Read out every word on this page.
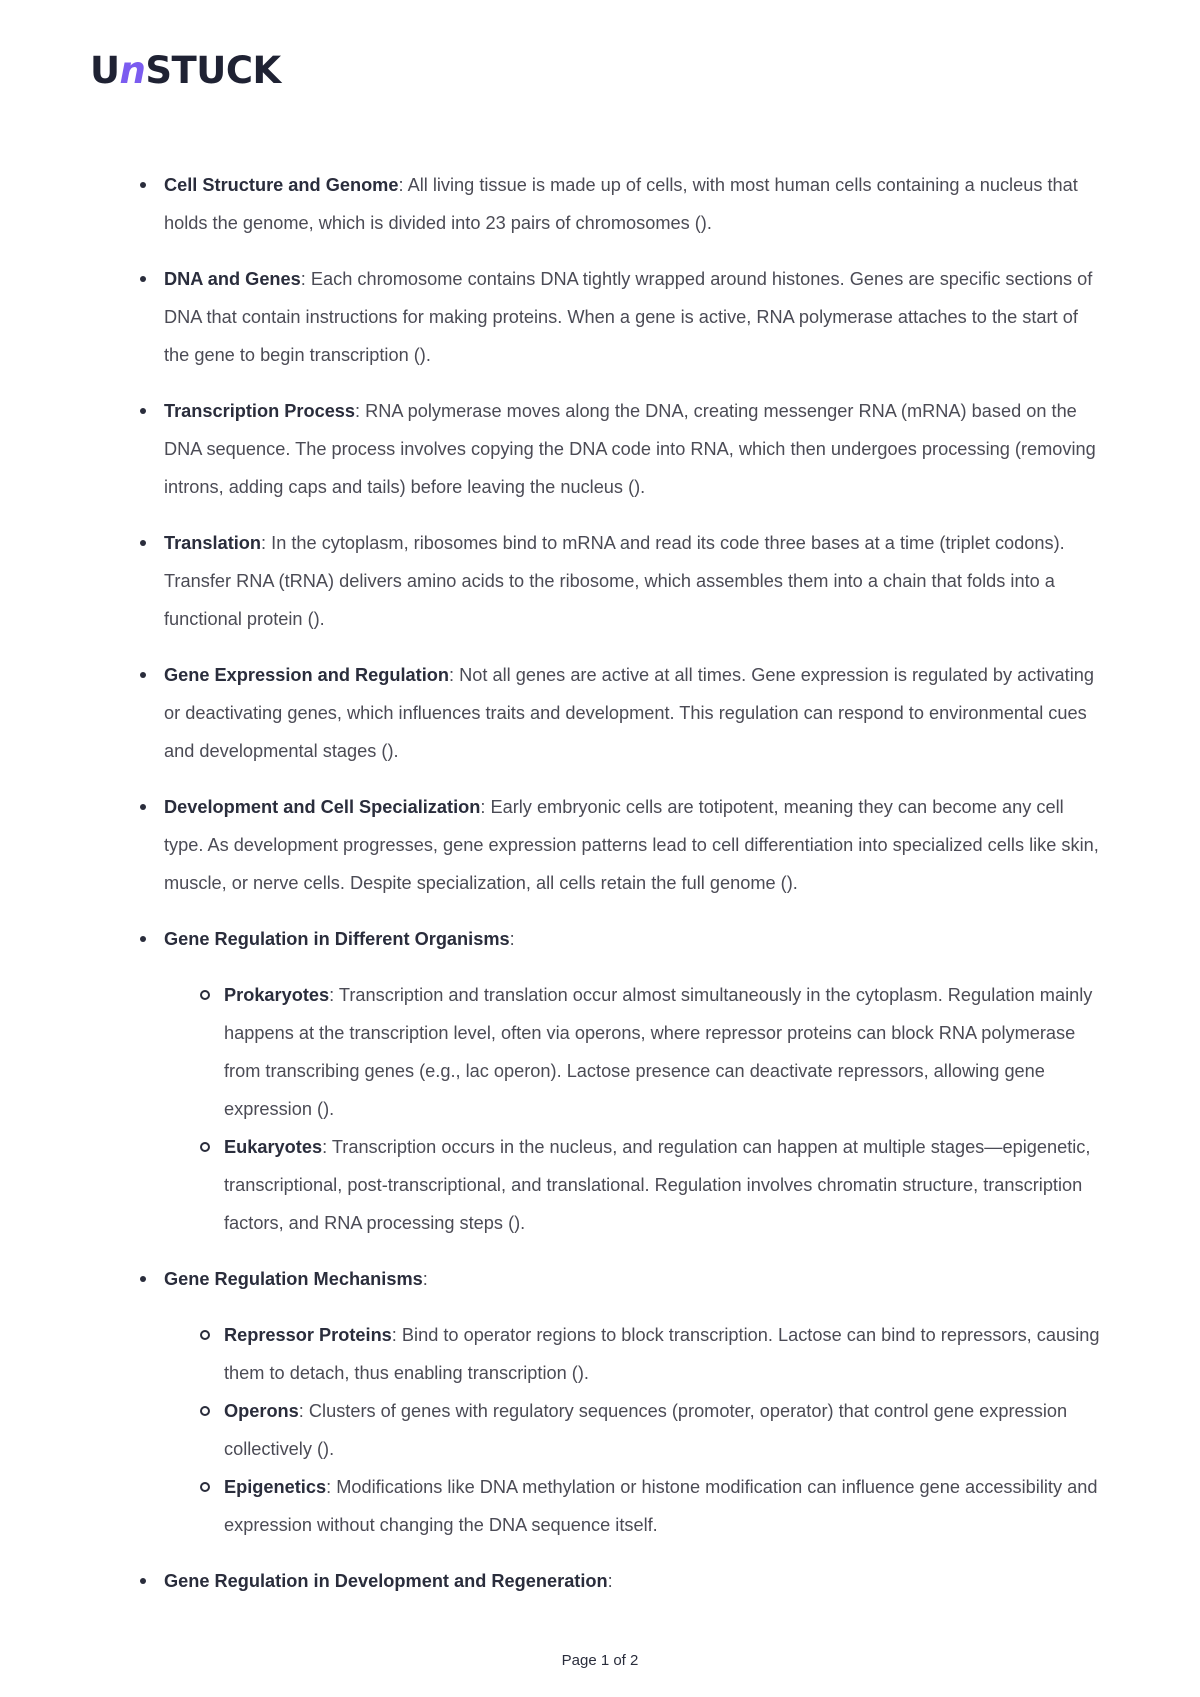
UnSTUCK
Cell Structure and Genome: All living tissue is made up of cells, with most human cells containing a nucleus that holds the genome, which is divided into 23 pairs of chromosomes ().
DNA and Genes: Each chromosome contains DNA tightly wrapped around histones. Genes are specific sections of DNA that contain instructions for making proteins. When a gene is active, RNA polymerase attaches to the start of the gene to begin transcription ().
Transcription Process: RNA polymerase moves along the DNA, creating messenger RNA (mRNA) based on the DNA sequence. The process involves copying the DNA code into RNA, which then undergoes processing (removing introns, adding caps and tails) before leaving the nucleus ().
Translation: In the cytoplasm, ribosomes bind to mRNA and read its code three bases at a time (triplet codons). Transfer RNA (tRNA) delivers amino acids to the ribosome, which assembles them into a chain that folds into a functional protein ().
Gene Expression and Regulation: Not all genes are active at all times. Gene expression is regulated by activating or deactivating genes, which influences traits and development. This regulation can respond to environmental cues and developmental stages ().
Development and Cell Specialization: Early embryonic cells are totipotent, meaning they can become any cell type. As development progresses, gene expression patterns lead to cell differentiation into specialized cells like skin, muscle, or nerve cells. Despite specialization, all cells retain the full genome ().
Gene Regulation in Different Organisms:
Prokaryotes: Transcription and translation occur almost simultaneously in the cytoplasm. Regulation mainly happens at the transcription level, often via operons, where repressor proteins can block RNA polymerase from transcribing genes (e.g., lac operon). Lactose presence can deactivate repressors, allowing gene expression ().
Eukaryotes: Transcription occurs in the nucleus, and regulation can happen at multiple stages—epigenetic, transcriptional, post-transcriptional, and translational. Regulation involves chromatin structure, transcription factors, and RNA processing steps ().
Gene Regulation Mechanisms:
Repressor Proteins: Bind to operator regions to block transcription. Lactose can bind to repressors, causing them to detach, thus enabling transcription ().
Operons: Clusters of genes with regulatory sequences (promoter, operator) that control gene expression collectively ().
Epigenetics: Modifications like DNA methylation or histone modification can influence gene accessibility and expression without changing the DNA sequence itself.
Gene Regulation in Development and Regeneration:
Page 1 of 2
